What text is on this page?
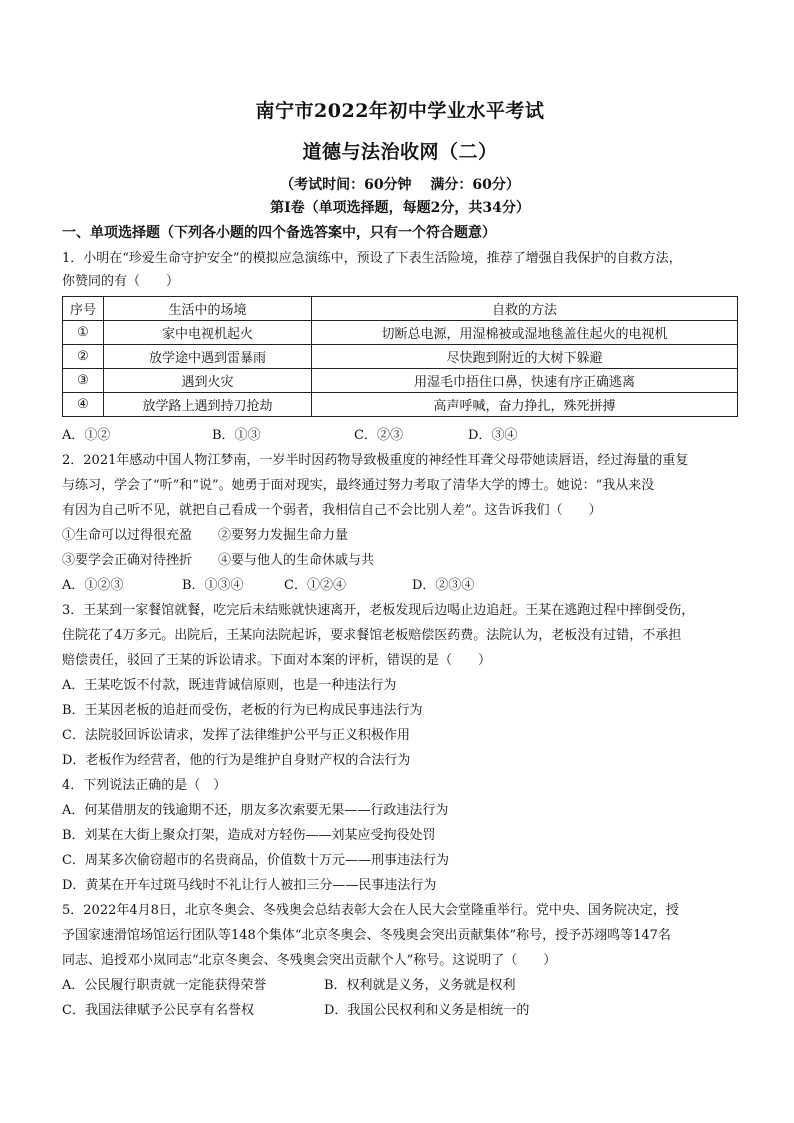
南宁市2022年初中学业水平考试
道德与法治收网（二）
（考试时间：60分钟　 满分：60分）
第Ⅰ卷（单项选择题，每题2分，共34分）
一、单项选择题（下列各小题的四个备选答案中，只有一个符合题意）
1．小明在“珍爱生命守护安全”的模拟应急演练中，预设了下表生活险境，推荐了增强自我保护的自救方法，
你赞同的有（　　）
序号	生活中的场境	自救的方法
①	家中电视机起火	切断总电源，用湿棉被或湿地毯盖住起火的电视机
②	放学途中遇到雷暴雨	尽快跑到附近的大树下躲避
③	遇到火灾	用湿毛巾捂住口鼻，快速有序正确逃离
④	放学路上遇到持刀抢劫	高声呼喊，奋力挣扎，殊死拼搏
A．①②	B．①③	C．②③	D．③④
2．2021年感动中国人物江梦南，一岁半时因药物导致极重度的神经性耳聋父母带她读唇语，经过海量的重复
与练习，学会了“听”和“说”。她勇于面对现实，最终通过努力考取了清华大学的博士。她说：“我从来没
有因为自己听不见，就把自己看成一个弱者，我相信自己不会比别人差”。这告诉我们（　　）
①生命可以过得很充盈　　②要努力发掘生命力量
③要学会正确对待挫折　　④要与他人的生命休戚与共
A．①②③	B．①③④	C．①②④	D．②③④
3．王某到一家餐馆就餐，吃完后未结账就快速离开，老板发现后边喝止边追赶。王某在逃跑过程中摔倒受伤，
住院花了4万多元。出院后，王某向法院起诉，要求餐馆老板赔偿医药费。法院认为，老板没有过错，不承担
赔偿责任，驳回了王某的诉讼请求。下面对本案的评析，错误的是（　　）
A．王某吃饭不付款，既违背诚信原则，也是一种违法行为
B．王某因老板的追赶而受伤，老板的行为已构成民事违法行为
C．法院驳回诉讼请求，发挥了法律维护公平与正义积极作用
D．老板作为经营者，他的行为是维护自身财产权的合法行为
4．下列说法正确的是（　）
A．何某借朋友的钱逾期不还，朋友多次索要无果——行政违法行为
B．刘某在大街上聚众打架，造成对方轻伤——刘某应受拘役处罚
C．周某多次偷窃超市的名贵商品，价值数十万元——刑事违法行为
D．黄某在开车过斑马线时不礼让行人被扣三分——民事违法行为
5．2022年4月8日，北京冬奥会、冬残奥会总结表彰大会在人民大会堂隆重举行。党中央、国务院决定，授
予国家速滑馆场馆运行团队等148个集体“北京冬奥会、冬残奥会突出贡献集体”称号，授予苏翊鸣等147名
同志、追授邓小岚同志“北京冬奥会、冬残奥会突出贡献个人”称号。这说明了（　　）
A．公民履行职责就一定能获得荣誉	B．权利就是义务，义务就是权利
C．我国法律赋予公民享有名誉权	D．我国公民权利和义务是相统一的
